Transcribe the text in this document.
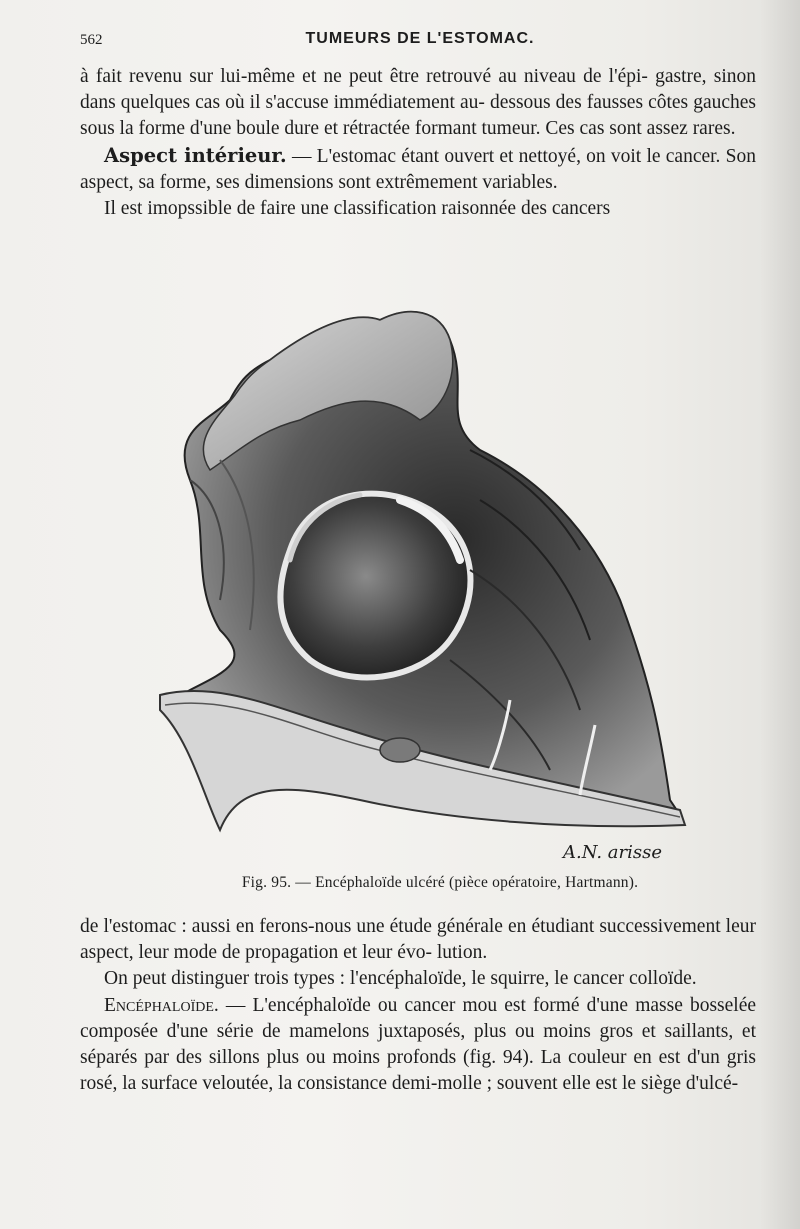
562	TUMEURS DE L'ESTOMAC.

à fait revenu sur lui-même et ne peut être retrouvé au niveau de l'épi- gastre, sinon dans quelques cas où il s'accuse immédiatement au- dessous des fausses côtes gauches sous la forme d'une boule dure et rétractée formant tumeur. Ces cas sont assez rares.

Aspect intérieur. — L'estomac étant ouvert et nettoyé, on voit le cancer. Son aspect, sa forme, ses dimensions sont extrêmement variables.

Il est imopssible de faire une classification raisonnée des cancers

A.N. arisse
Fig. 95. — Encéphaloïde ulcéré (pièce opératoire, Hartmann).

de l'estomac : aussi en ferons-nous une étude générale en étudiant successivement leur aspect, leur mode de propagation et leur évo- lution.

On peut distinguer trois types : l'encéphaloïde, le squirre, le cancer colloïde.

Encéphaloïde. — L'encéphaloïde ou cancer mou est formé d'une masse bosselée composée d'une série de mamelons juxtaposés, plus ou moins gros et saillants, et séparés par des sillons plus ou moins profonds (fig. 94). La couleur en est d'un gris rosé, la surface veloutée, la consistance demi-molle ; souvent elle est le siège d'ulcé-
